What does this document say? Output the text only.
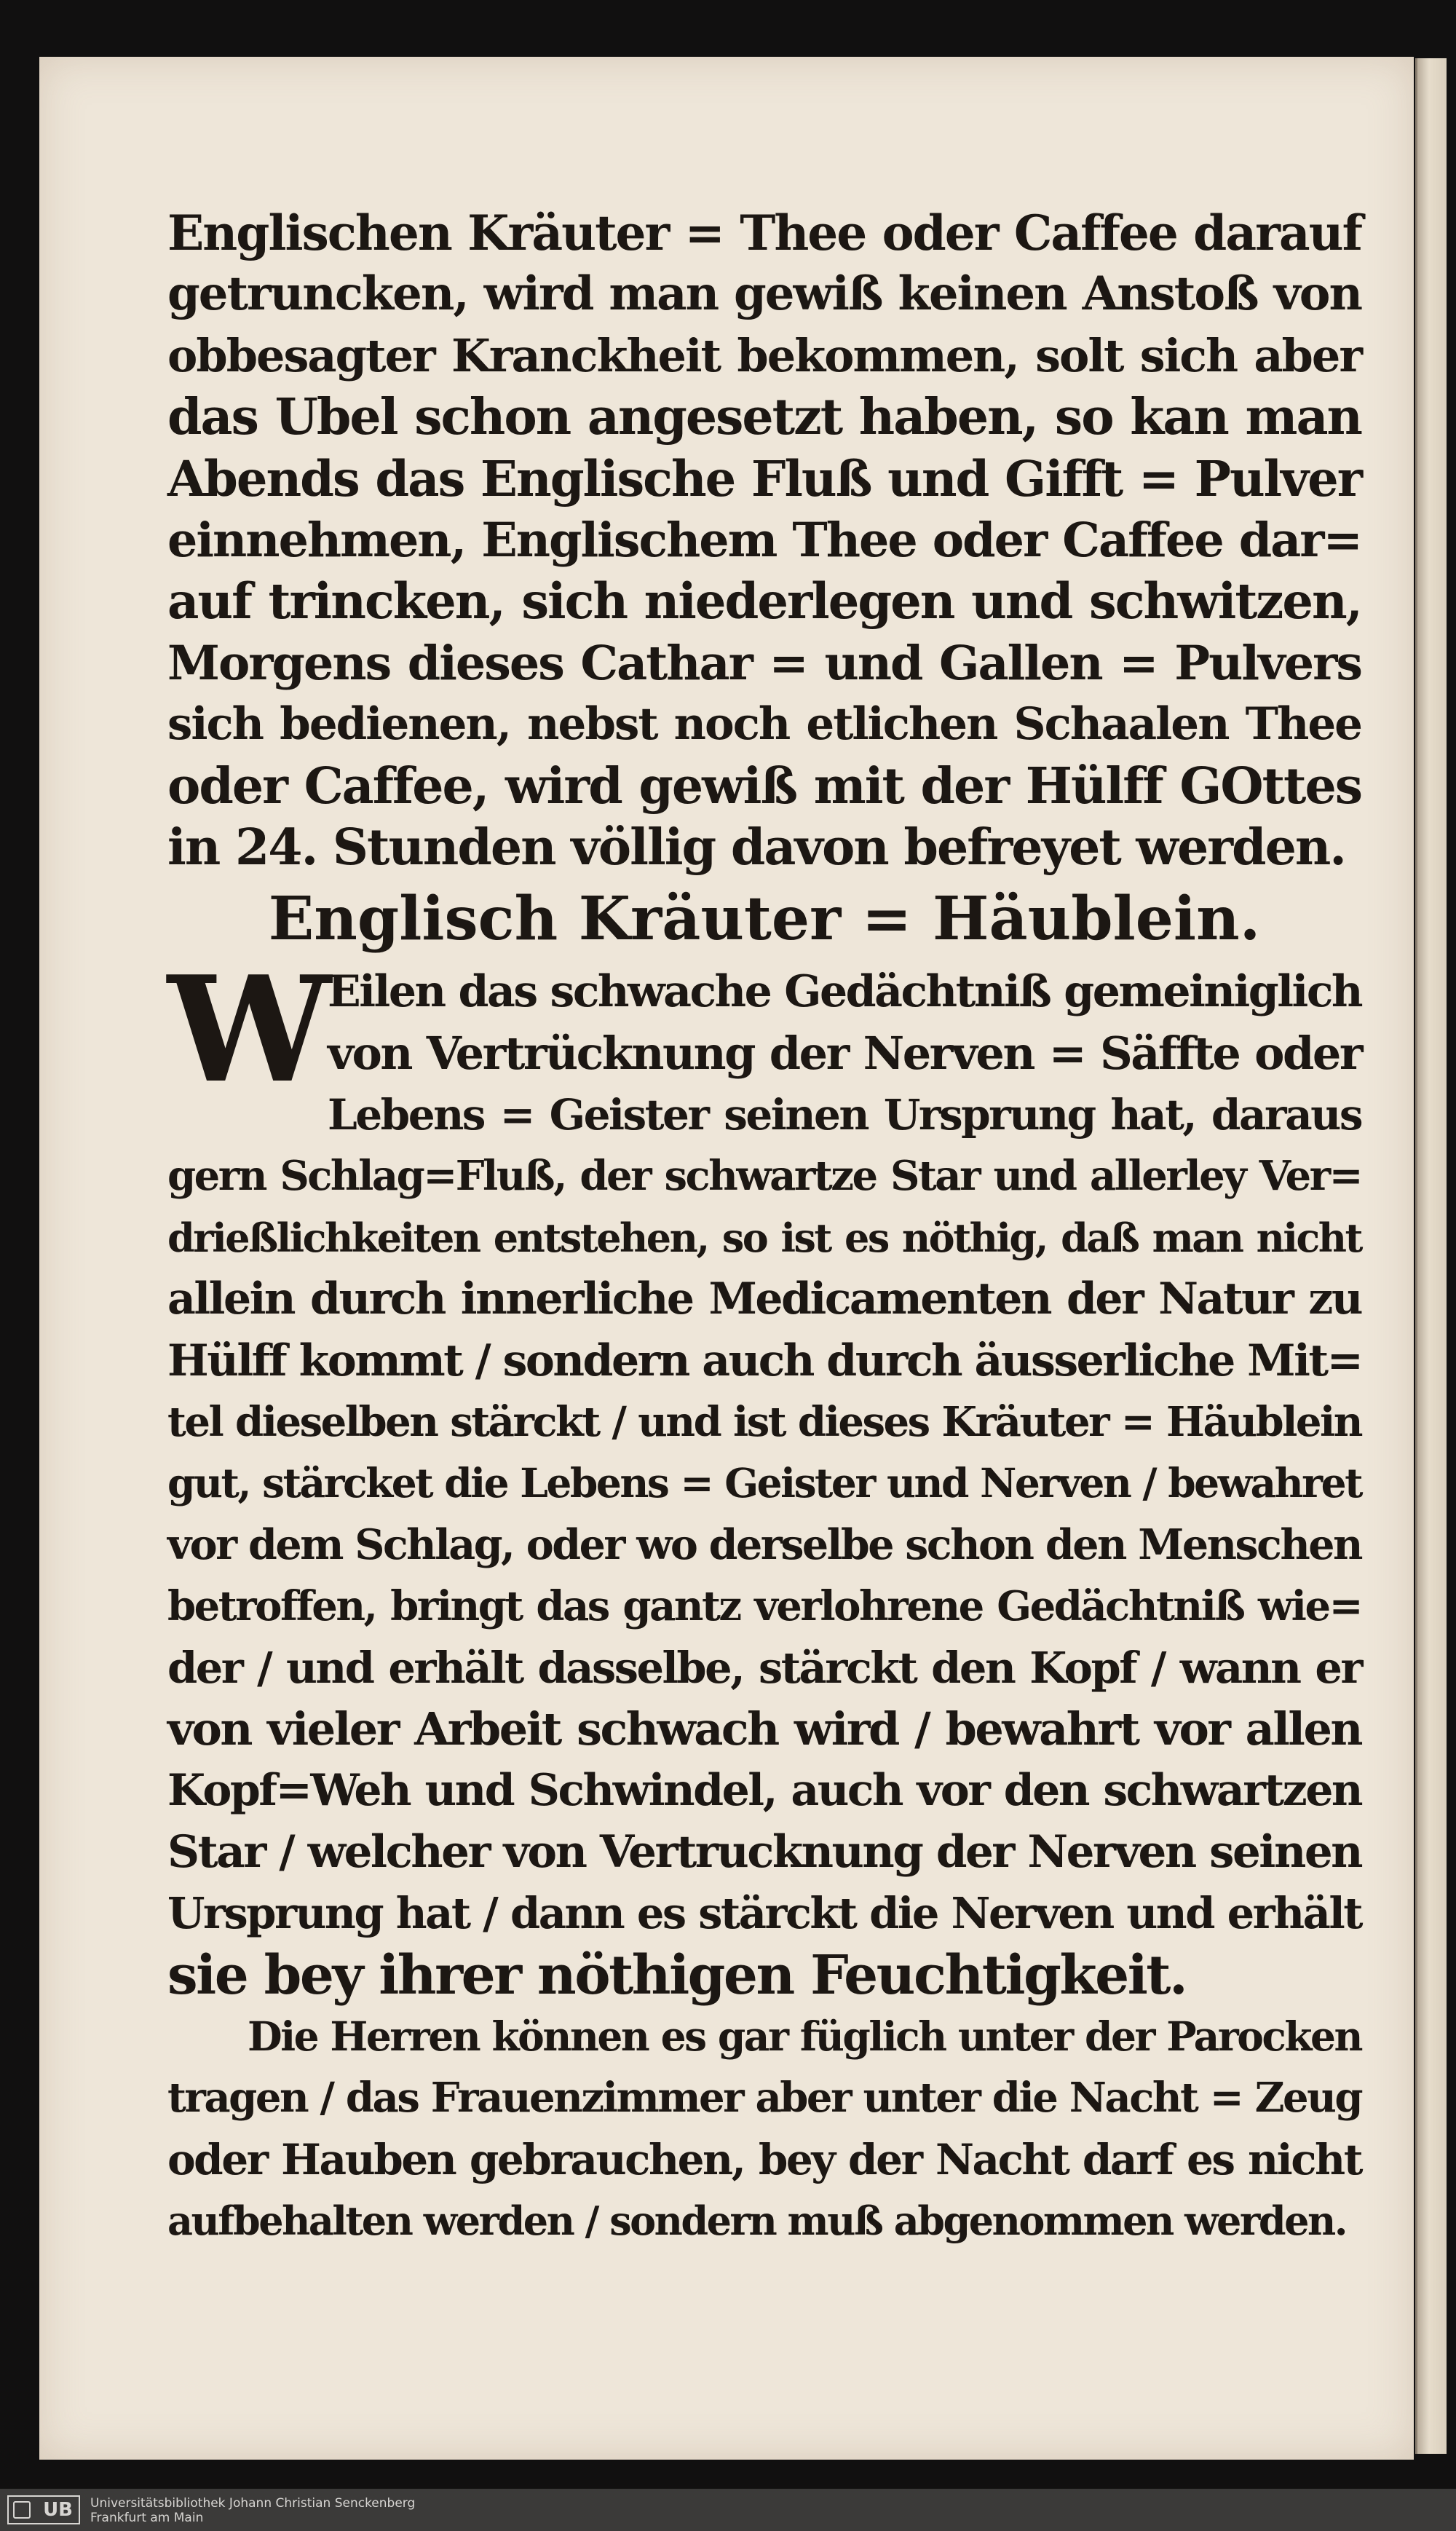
Englischen Kräuter = Thee oder Caffee darauf
getruncken, wird man gewiß keinen Anstoß von
obbesagter Kranckheit bekommen, solt sich aber
das Ubel schon angesetzt haben, so kan man
Abends das Englische Fluß und Gifft = Pulver
einnehmen, Englischem Thee oder Caffee dar=
auf trincken, sich niederlegen und schwitzen,
Morgens dieses Cathar = und Gallen = Pulvers
sich bedienen, nebst noch etlichen Schaalen Thee
oder Caffee, wird gewiß mit der Hülff GOttes
in 24. Stunden völlig davon befreyet werden.
Englisch Kräuter = Häublein.
W
Eilen das schwache Gedächtniß gemeiniglich
von Vertrücknung der Nerven = Säffte oder
Lebens = Geister seinen Ursprung hat, daraus
gern Schlag=Fluß, der schwartze Star und allerley Ver=
drießlichkeiten entstehen, so ist es nöthig, daß man nicht
allein durch innerliche Medicamenten der Natur zu
Hülff kommt / sondern auch durch äusserliche Mit=
tel dieselben stärckt / und ist dieses Kräuter = Häublein
gut, stärcket die Lebens = Geister und Nerven / bewahret
vor dem Schlag, oder wo derselbe schon den Menschen
betroffen, bringt das gantz verlohrene Gedächtniß wie=
der / und erhält dasselbe, stärckt den Kopf / wann er
von vieler Arbeit schwach wird / bewahrt vor allen
Kopf=Weh und Schwindel, auch vor den schwartzen
Star / welcher von Vertrucknung der Nerven seinen
Ursprung hat / dann es stärckt die Nerven und erhält
sie bey ihrer nöthigen Feuchtigkeit.
Die Herren können es gar füglich unter der Parocken
tragen / das Frauenzimmer aber unter die Nacht = Zeug
oder Hauben gebrauchen, bey der Nacht darf es nicht
aufbehalten werden / sondern muß abgenommen werden.
UB	Universitätsbibliothek Johann Christian Senckenberg
Frankfurt am Main
